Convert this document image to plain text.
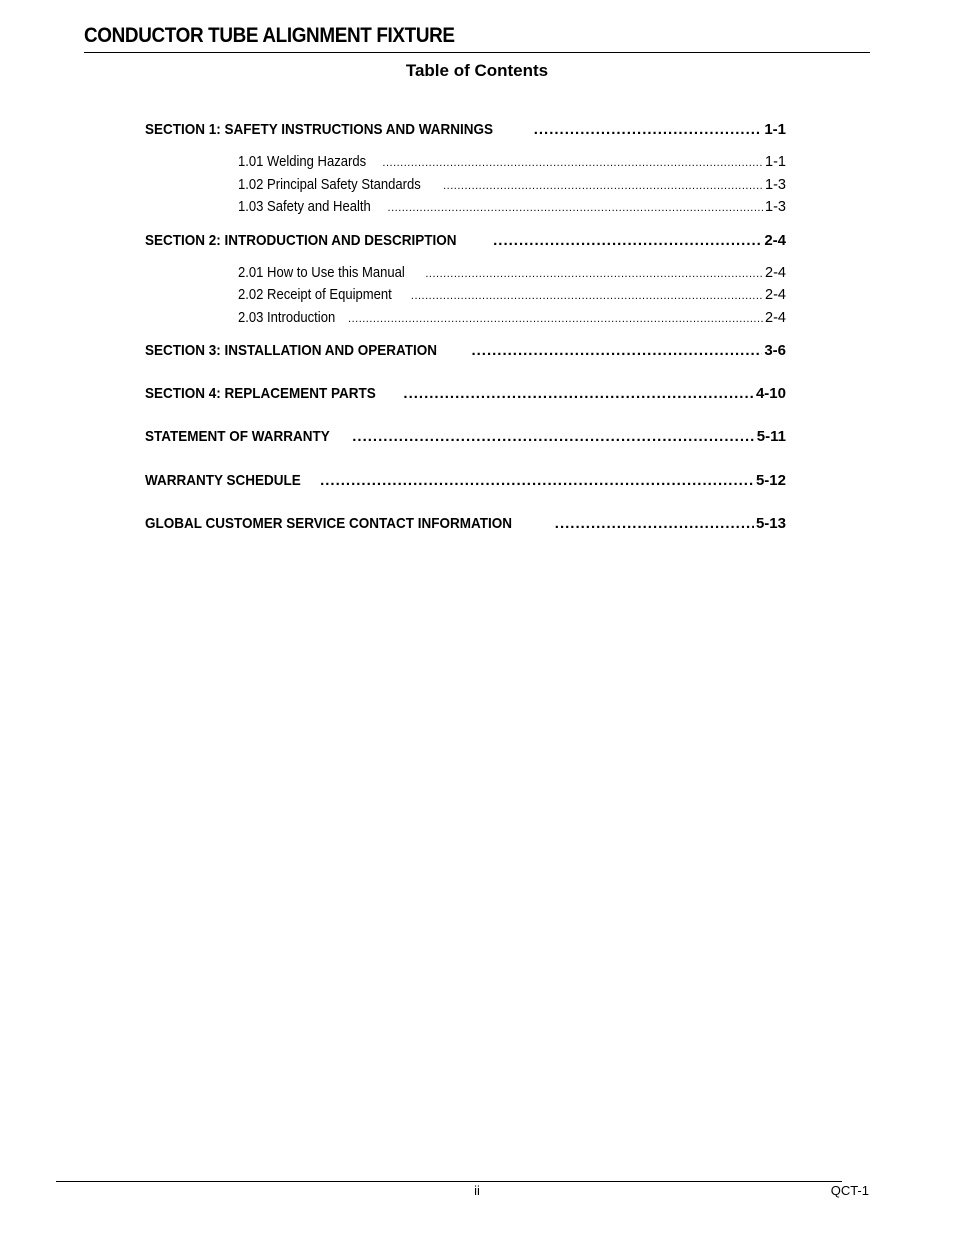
CONDUCTOR TUBE ALIGNMENT FIXTURE
Table of Contents
SECTION 1: SAFETY INSTRUCTIONS AND WARNINGS .....	1-1
1.01 Welding Hazards .....	1-1
1.02 Principal Safety Standards .....	1-3
1.03 Safety and Health .....	1-3
SECTION 2: INTRODUCTION AND DESCRIPTION .....	2-4
2.01 How to Use this Manual .....	2-4
2.02 Receipt of Equipment .....	2-4
2.03 Introduction .....	2-4
SECTION 3: INSTALLATION AND OPERATION .....	3-6
SECTION 4: REPLACEMENT PARTS .....	4-10
STATEMENT OF WARRANTY .....	5-11
WARRANTY SCHEDULE .....	5-12
GLOBAL CUSTOMER SERVICE CONTACT INFORMATION .....	5-13
ii	QCT-1
